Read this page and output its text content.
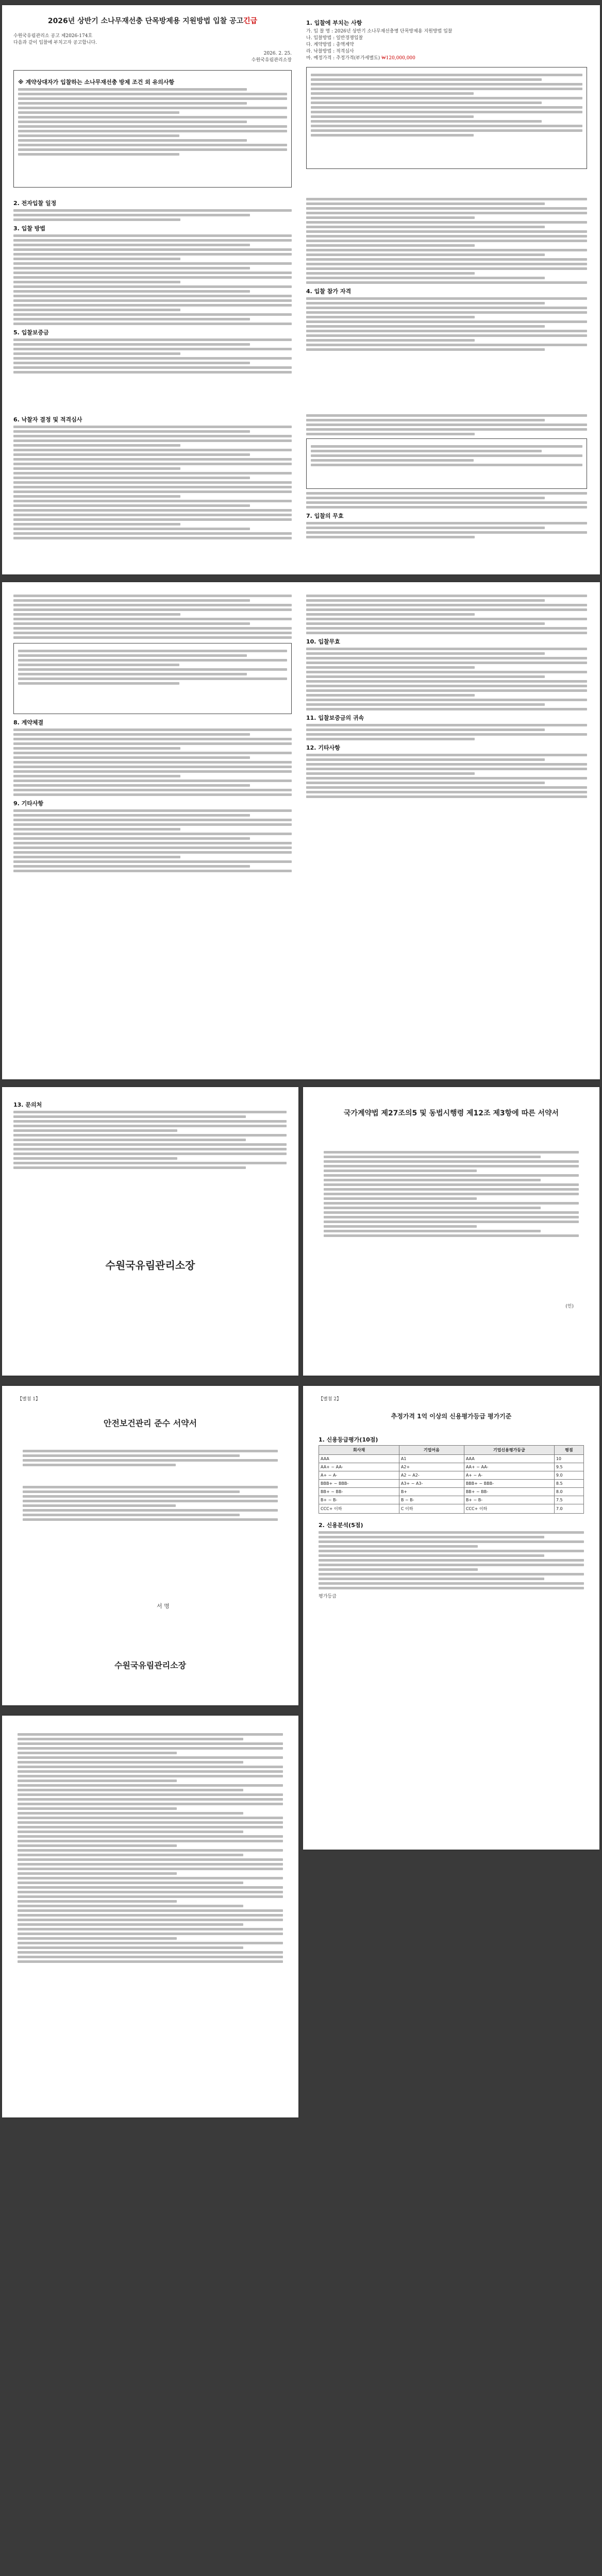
2026년 상반기 소나무재선충 단목방제용 지원방법 입찰 공고긴급
수원국유림관리소 공고 제2026-174호
다음과 같이 입찰에 부치고자 공고합니다.
2026. 2. 25.
수원국유림관리소장
※ 계약상대자가 입찰하는 소나무재선충 방제 조건 외 유의사항
1. 입찰에 부치는 사항
가. 입 찰 명 : 2026년 상반기 소나무재선충병 단목방제용 지원방법 입찰
나. 입찰방법 : 일반경쟁입찰
다. 계약방법 : 총액계약
라. 낙찰방법 : 적격심사
마. 예정가격 : 추정가격(부가세별도) ₩120,000,000
2. 전자입찰 일정
3. 입찰 방법
5. 입찰보증금
4. 입찰 참가 자격
6. 낙찰자 결정 및 적격심사
7. 입찰의 무효
8. 계약체결
9. 기타사항
10. 입찰무효
11. 입찰보증금의 귀속
12. 기타사항
13. 문의처
수원국유림관리소장
국가계약법 제27조의5 및 동법시행령 제12조 제3항에 따른 서약서
(인)
【별첨 1】
안전보건관리 준수 서약서
서 명
수원국유림관리소장
【별첨 2】
추정가격 1억 이상의 신용평가등급 평가기준
1. 신용등급평가(10점)
회사채	기업어음	기업신용평가등급	평점
AAA	A1	AAA	10
AA+ ~ AA-	A2+	AA+ ~ AA-	9.5
A+ ~ A-	A2 ~ A2-	A+ ~ A-	9.0
BBB+ ~ BBB-	A3+ ~ A3-	BBB+ ~ BBB-	8.5
BB+ ~ BB-	B+	BB+ ~ BB-	8.0
B+ ~ B-	B ~ B-	B+ ~ B-	7.5
CCC+ 이하	C 이하	CCC+ 이하	7.0
2. 신용분석(5점)
평가등급
